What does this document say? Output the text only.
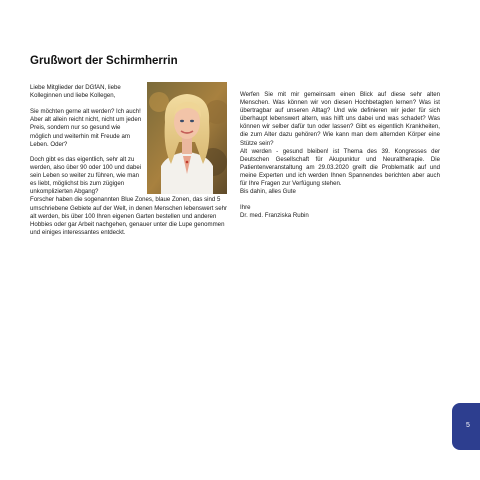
Grußwort der Schirmherrin

Liebe Mitglieder der DGfAN, liebe Kolleginnen und liebe Kollegen,

Sie möchten gerne alt werden? Ich auch! Aber alt allein reicht nicht, nicht um jeden Preis, sondern nur so gesund wie möglich und weiterhin mit Freude am Leben. Oder?

Doch gibt es das eigentlich, sehr alt zu werden, also über 90 oder 100 und dabei sein Leben so weiter zu führen, wie man es liebt, möglichst bis zum zügigen unkomplizierten Abgang?

Forscher haben die sogenannten Blue Zones, blaue Zonen, das sind 5 umschriebene Gebiete auf der Welt, in denen Menschen lebenswert sehr alt werden, bis über 100 Ihren eigenen Garten bestellen und anderen Hobbies oder gar Arbeit nachgehen, genauer unter die Lupe genommen und einiges interessantes entdeckt.

Werfen Sie mit mir gemeinsam einen Blick auf diese sehr alten Menschen. Was können wir von diesen Hochbetagten lernen? Was ist übertragbar auf unseren Alltag? Und wie definieren wir jeder für sich überhaupt lebenswert altern, was hilft uns dabei und was schadet? Was können wir selber dafür tun oder lassen? Gibt es eigentlich Krankheiten, die zum Alter dazu gehören? Wie kann man dem alternden Körper eine Stütze sein?

Alt werden - gesund bleiben! ist Thema des 39. Kongresses der Deutschen Gesellschaft für Akupunktur und Neuraltherapie. Die Patientenveranstaltung am 29.03.2020 greift die Problematik auf und meine Experten und ich werden Ihnen Spannendes berichten aber auch für Ihre Fragen zur Verfügung stehen.

Bis dahin, alles Gute

Ihre

Dr. med. Franziska Rubin

5
